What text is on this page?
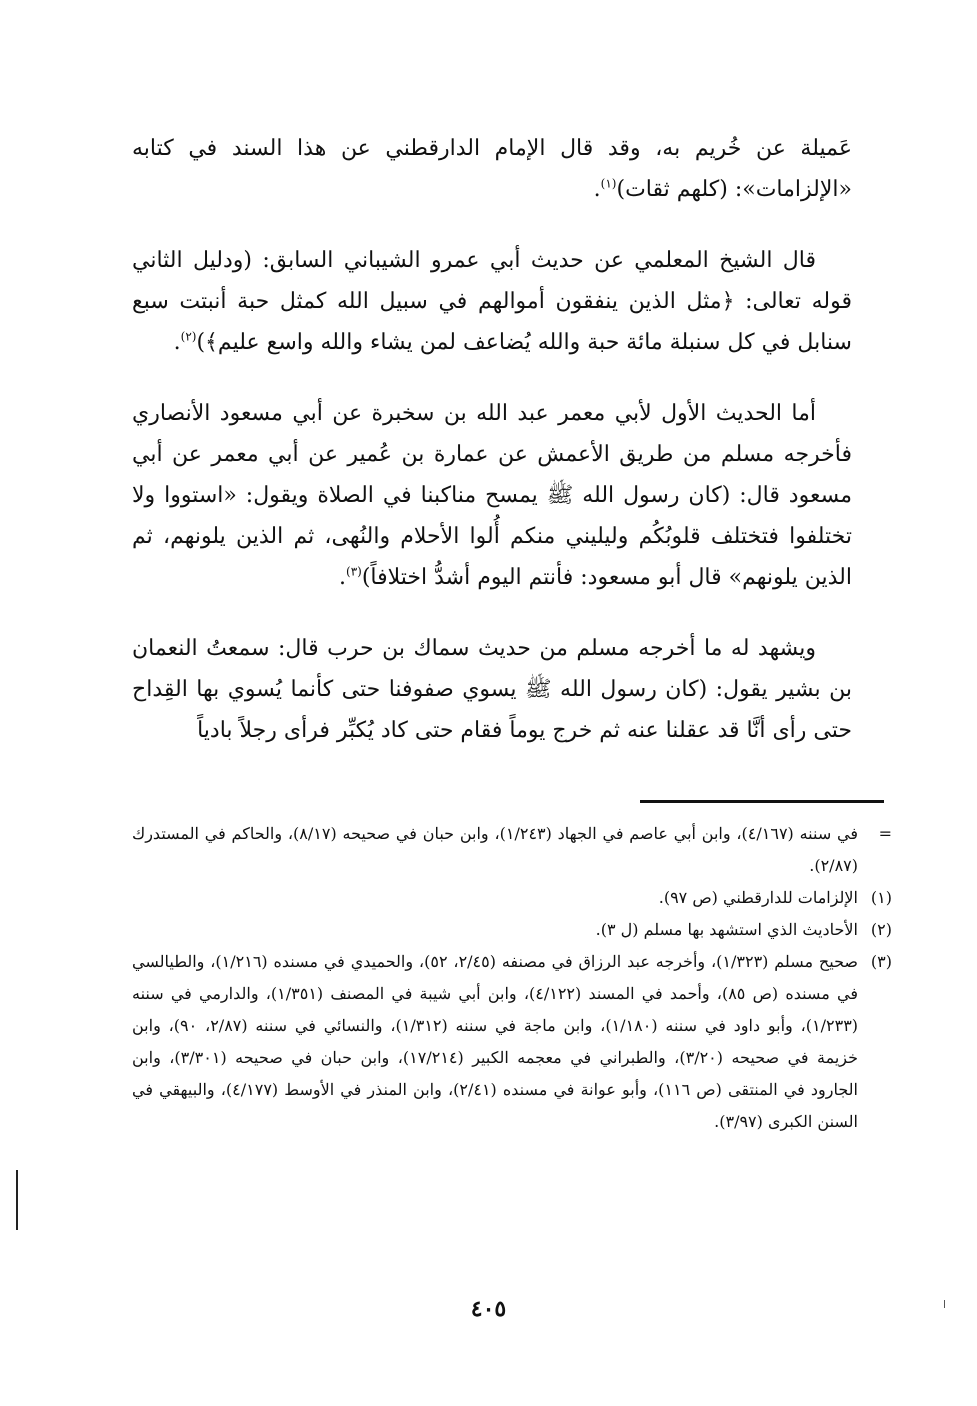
عَميلة عن خُريم به، وقد قال الإمام الدارقطني عن هذا السند في كتابه «الإلزامات»: (كلهم ثقات)$^{(١)}$.

قال الشيخ المعلمي عن حديث أبي عمرو الشيباني السابق: (ودليل الثاني قوله تعالى: ﴿مثل الذين ينفقون أموالهم في سبيل الله كمثل حبة أنبتت سبع سنابل في كل سنبلة مائة حبة والله يُضاعف لمن يشاء والله واسع عليم﴾)$^{(٢)}$.

أما الحديث الأول لأبي معمر عبد الله بن سخبرة عن أبي مسعود الأنصاري فأخرجه مسلم من طريق الأعمش عن عمارة بن عُمير عن أبي معمر عن أبي مسعود قال: (كان رسول الله ﷺ يمسح مناكبنا في الصلاة ويقول: «استووا ولا تختلفوا فتختلف قلوبُكُم وليليني منكم أُلوا الأحلام والنُهى، ثم الذين يلونهم، ثم الذين يلونهم» قال أبو مسعود: فأنتم اليوم أشدُّ اختلافاً)$^{(٣)}$.

ويشهد له ما أخرجه مسلم من حديث سماك بن حرب قال: سمعتُ النعمان بن بشير يقول: (كان رسول الله ﷺ يسوي صفوفنا حتى كأنما يُسوي بها القِداح حتى رأى أنَّا قد عقلنا عنه ثم خرج يوماً فقام حتى كاد يُكبِّر فرأى رجلاً بادياً

=
في سننه (٤/١٦٧)، وابن أبي عاصم في الجهاد (١/٢٤٣)، وابن حبان في صحيحه (٨/١٧)، والحاكم في المستدرك (٢/٨٧).
(١)
الإلزامات للدارقطني (ص ٩٧).
(٢)
الأحاديث الذي استشهد بها مسلم (ل ٣).
(٣)
صحيح مسلم (١/٣٢٣)، وأخرجه عبد الرزاق في مصنفه (٢/٤٥، ٥٢)، والحميدي في مسنده (١/٢١٦)، والطيالسي في مسنده (ص ٨٥)، وأحمد في المسند (٤/١٢٢)، وابن أبي شيبة في المصنف (١/٣٥١)، والدارمي في سننه (١/٢٣٣)، وأبو داود في سننه (١/١٨٠)، وابن ماجة في سننه (١/٣١٢)، والنسائي في سننه (٢/٨٧، ٩٠)، وابن خزيمة في صحيحه (٣/٢٠)، والطبراني في معجمه الكبير (١٧/٢١٤)، وابن حبان في صحيحه (٣/٣٠١)، وابن الجارود في المنتقى (ص ١١٦)، وأبو عوانة في مسنده (٢/٤١)، وابن المنذر في الأوسط (٤/١٧٧)، والبيهقي في السنن الكبرى (٣/٩٧).
٤٠٥
